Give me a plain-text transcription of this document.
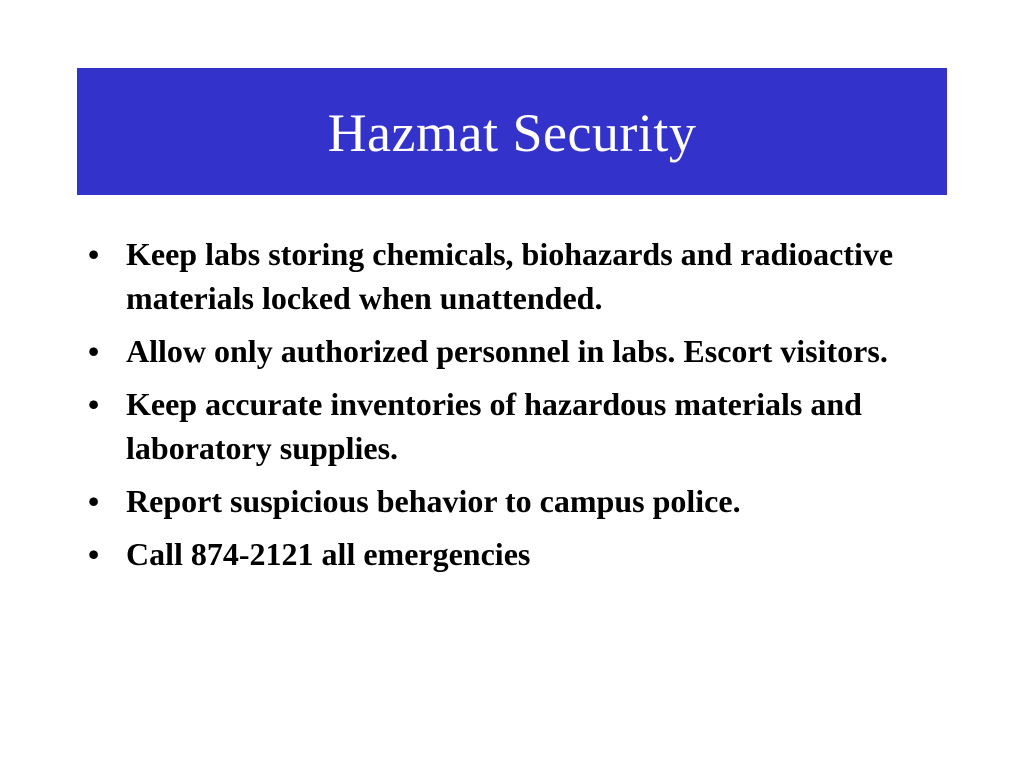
Hazmat Security
• Keep labs storing chemicals, biohazards and radioactive materials locked when unattended.
• Allow only authorized personnel in labs. Escort visitors.
• Keep accurate inventories of hazardous materials and laboratory supplies.
• Report suspicious behavior to campus police.
• Call 874-2121 all emergencies
